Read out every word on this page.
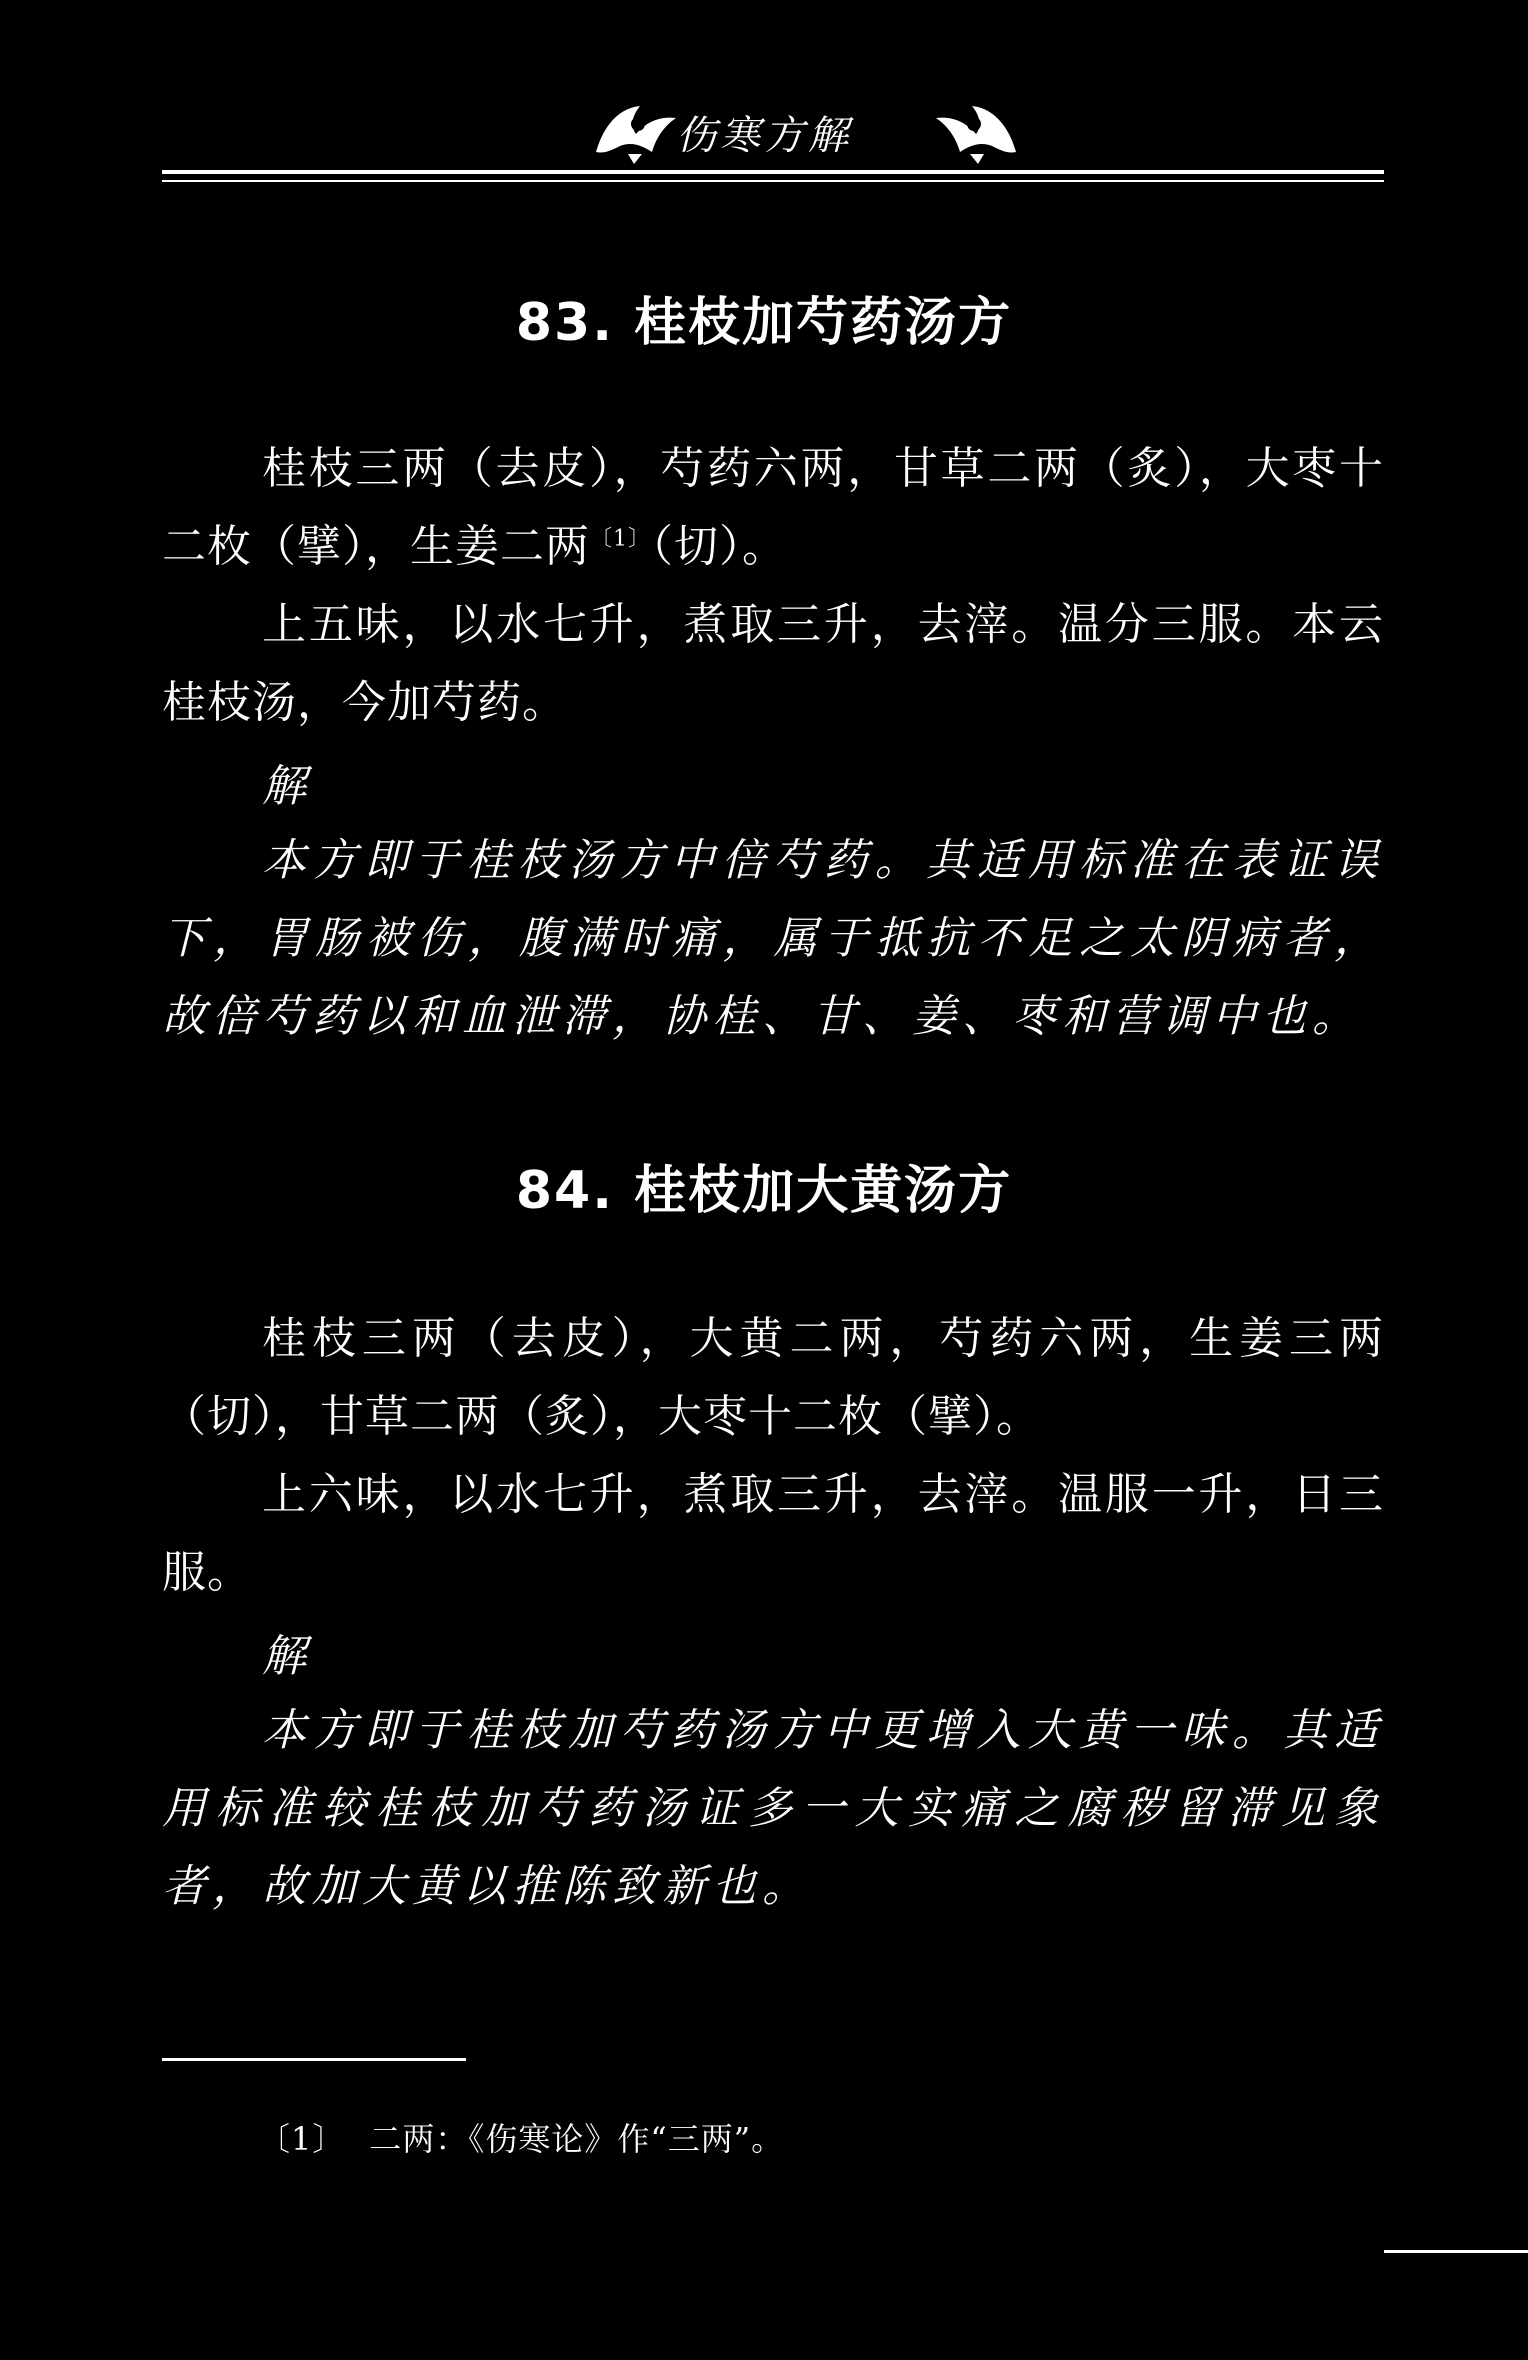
伤寒方解
83. 桂枝加芍药汤方
桂枝三两（去皮），芍药六两，甘草二两（炙），大枣十二枚（擘），生姜二两$^{〔1〕}$（切）。
上五味，以水七升，煮取三升，去滓。温分三服。本云桂枝汤，今加芍药。
解
本方即于桂枝汤方中倍芍药。其适用标准在表证误下，胃肠被伤，腹满时痛，属于抵抗不足之太阴病者，故倍芍药以和血泄滞，协桂、甘、姜、枣和营调中也。
84. 桂枝加大黄汤方
桂枝三两（去皮），大黄二两，芍药六两，生姜三两（切），甘草二两（炙），大枣十二枚（擘）。
上六味，以水七升，煮取三升，去滓。温服一升，日三服。
解
本方即于桂枝加芍药汤方中更增入大黄一味。其适用标准较桂枝加芍药汤证多一大实痛之腐秽留滞见象者，故加大黄以推陈致新也。
〔1〕 二两：《伤寒论》作“三两”。
